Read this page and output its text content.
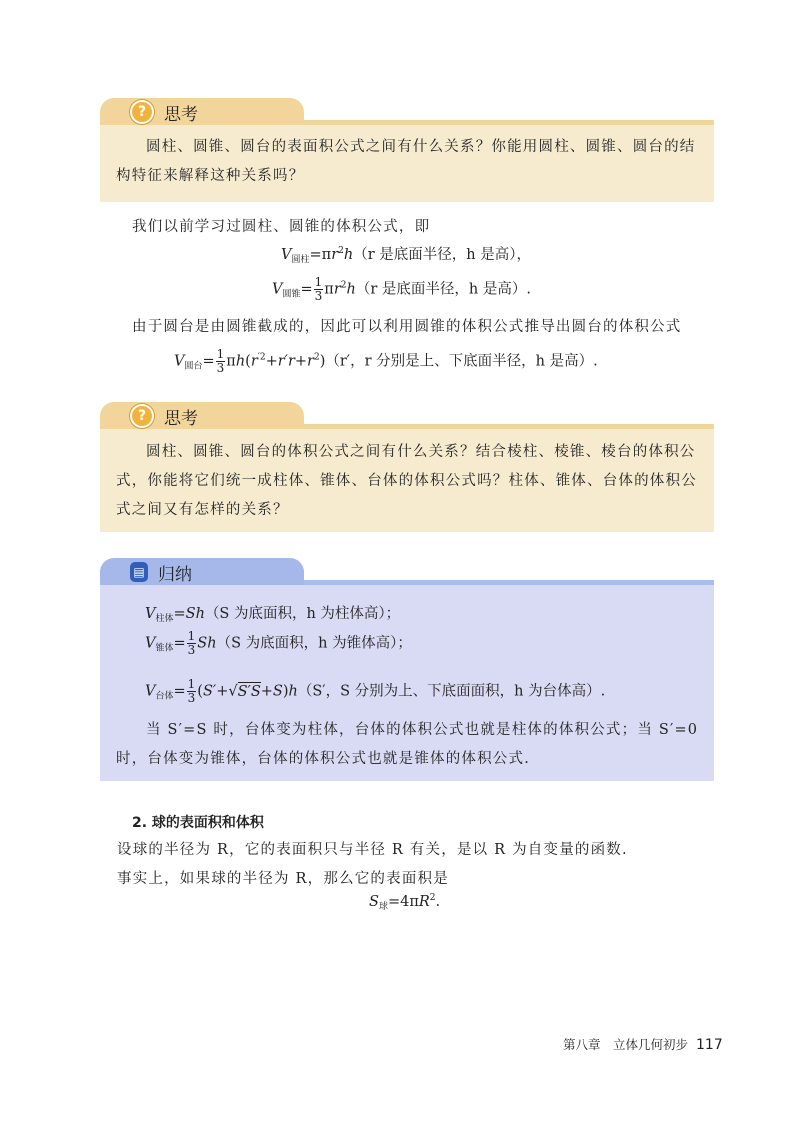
?	思考
圆柱、圆锥、圆台的表面积公式之间有什么关系？你能用圆柱、圆锥、圆台的结构特征来解释这种关系吗？
我们以前学习过圆柱、圆锥的体积公式，即
$V_{圆柱}=\pi r^2h(r$ 是底面半径，h 是高），
$V_{圆锥}= \frac{1}{3} \pi r^2h(r$ 是底面半径，h 是高）.
由于圆台是由圆锥截成的，因此可以利用圆锥的体积公式推导出圆台的体积公式
$V_{圆台}= \frac{1}{3} \pi h(r^{'2}+r'r+r^2)(r'$，r 分别是上、下底面半径，h 是高）.
?	思考
圆柱、圆锥、圆台的体积公式之间有什么关系？结合棱柱、棱锥、棱台的体积公式，你能将它们统一成柱体、锥体、台体的体积公式吗？柱体、锥体、台体的体积公式之间又有怎样的关系？
▤ 归纳
$V_{柱体}=Sh(S$ 为底面积，h 为柱体高）；
$V_{锥体}= \frac{1}{3} Sh(S$ 为底面积，h 为锥体高）；
$V_{台体}= \frac{1}{3} (S'+√S'S+S)h(S'$，S 分别为上、下底面面积，h 为台体高）.
当 S′=S 时，台体变为柱体，台体的体积公式也就是柱体的体积公式；当 S′=0 时，台体变为锥体，台体的体积公式也就是锥体的体积公式.
2. 球的表面积和体积
设球的半径为 R，它的表面积只与半径 R 有关，是以 R 为自变量的函数.
事实上，如果球的半径为 R，那么它的表面积是
$S_球=4\pi R^2$.
第八章　立体几何初步 117
